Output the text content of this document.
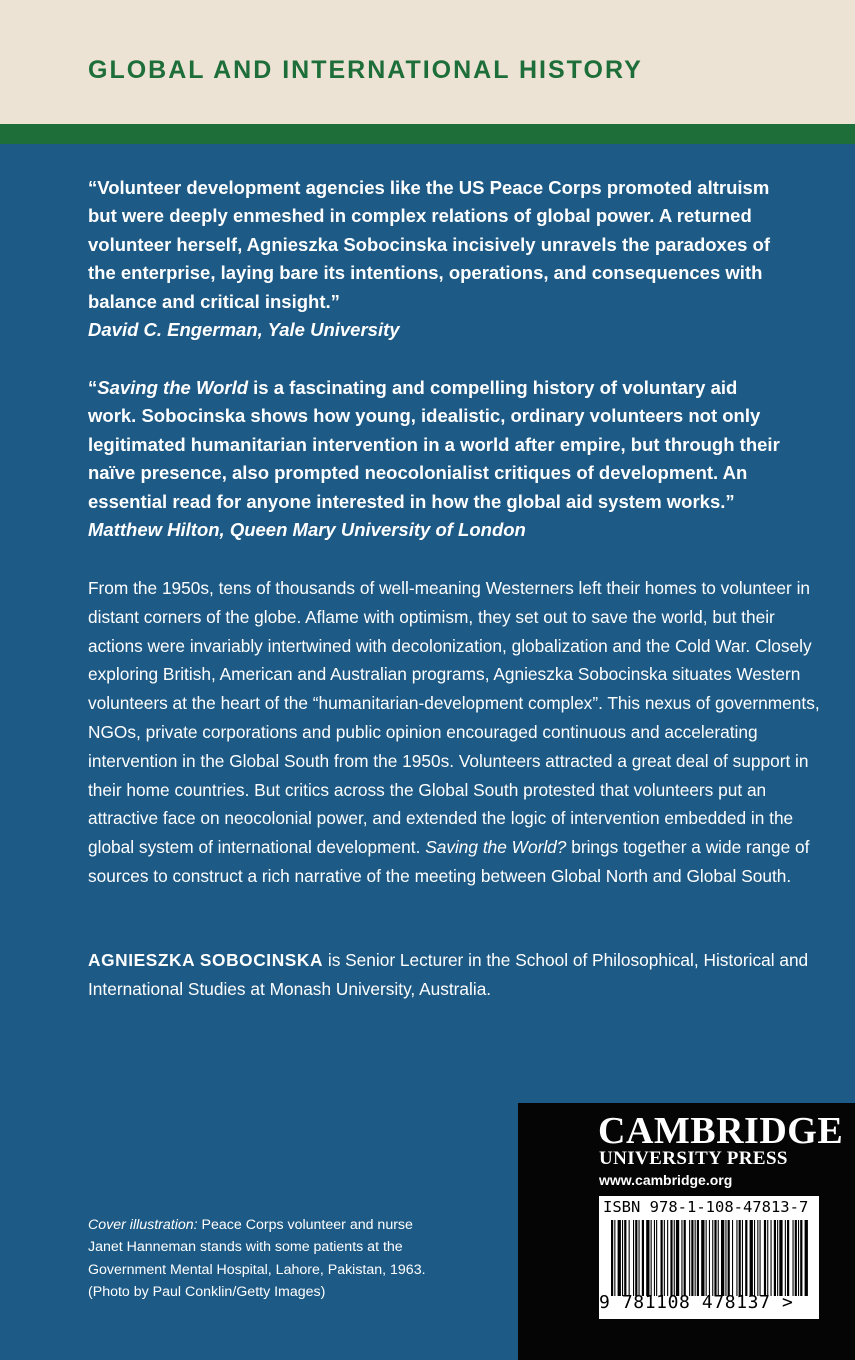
GLOBAL AND INTERNATIONAL HISTORY

“Volunteer development agencies like the US Peace Corps promoted altruism but were deeply enmeshed in complex relations of global power. A returned volunteer herself, Agnieszka Sobocinska incisively unravels the paradoxes of the enterprise, laying bare its intentions, operations, and consequences with balance and critical insight.”
David C. Engerman, Yale University

“Saving the World is a fascinating and compelling history of voluntary aid work. Sobocinska shows how young, idealistic, ordinary volunteers not only legitimated humanitarian intervention in a world after empire, but through their naïve presence, also prompted neocolonialist critiques of development. An essential read for anyone interested in how the global aid system works.”
Matthew Hilton, Queen Mary University of London

From the 1950s, tens of thousands of well-meaning Westerners left their homes to volunteer in distant corners of the globe. Aflame with optimism, they set out to save the world, but their actions were invariably intertwined with decolonization, globalization and the Cold War. Closely exploring British, American and Australian programs, Agnieszka Sobocinska situates Western volunteers at the heart of the “humanitarian-development complex”. This nexus of governments, NGOs, private corporations and public opinion encouraged continuous and accelerating intervention in the Global South from the 1950s. Volunteers attracted a great deal of support in their home countries. But critics across the Global South protested that volunteers put an attractive face on neocolonial power, and extended the logic of intervention embedded in the global system of international development. Saving the World? brings together a wide range of sources to construct a rich narrative of the meeting between Global North and Global South.

AGNIESZKA SOBOCINSKA is Senior Lecturer in the School of Philosophical, Historical and International Studies at Monash University, Australia.

Cover illustration: Peace Corps volunteer and nurse Janet Hanneman stands with some patients at the Government Mental Hospital, Lahore, Pakistan, 1963. (Photo by Paul Conklin/Getty Images)

CAMBRIDGE
UNIVERSITY PRESS
www.cambridge.org
ISBN 978-1-108-47813-7
9 781108 478137 >
